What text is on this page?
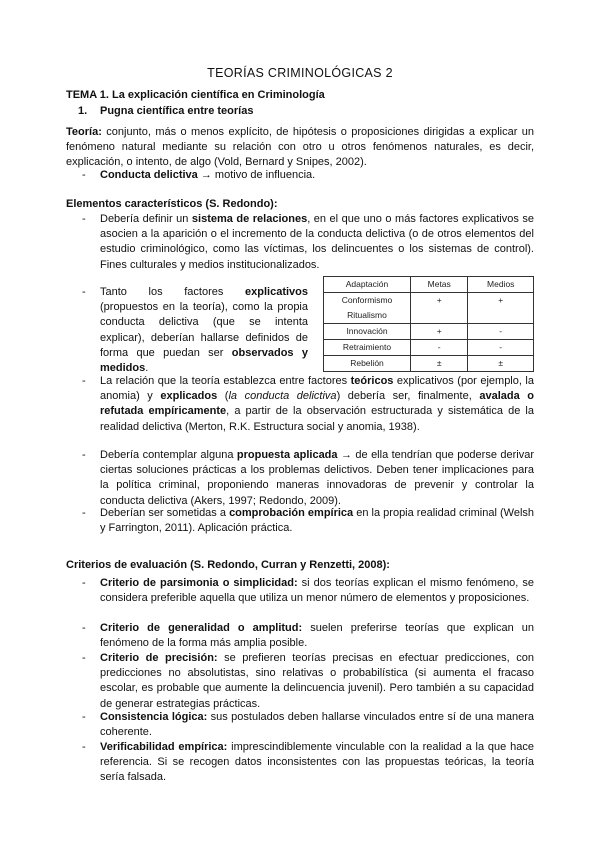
TEORÍAS CRIMINOLÓGICAS 2
TEMA 1. La explicación científica en Criminología
1. Pugna científica entre teorías

Teoría: conjunto, más o menos explícito, de hipótesis o proposiciones dirigidas a explicar un fenómeno natural mediante su relación con otro u otros fenómenos naturales, es decir, explicación, o intento, de algo (Vold, Bernard y Snipes, 2002).

- Conducta delictiva → motivo de influencia.
Elementos característicos (S. Redondo):
- Debería definir un sistema de relaciones, en el que uno o más factores explicativos se asocien a la aparición o el incremento de la conducta delictiva (o de otros elementos del estudio criminológico, como las víctimas, los delincuentes o los sistemas de control). Fines culturales y medios institucionalizados.
- Tanto los factores explicativos (propuestos en la teoría), como la propia conducta delictiva (que se intenta explicar), deberían hallarse definidos de forma que puedan ser observados y medidos.
Adaptación	Metas	Medios
Conformismo	+	+
Ritualismo		
Innovación	+	-
Retraimiento	-	-
Rebelión	±	±
- La relación que la teoría establezca entre factores teóricos explicativos (por ejemplo, la anomia) y explicados (la conducta delictiva) debería ser, finalmente, avalada o refutada empíricamente, a partir de la observación estructurada y sistemática de la realidad delictiva (Merton, R.K. Estructura social y anomia, 1938).
- Debería contemplar alguna propuesta aplicada → de ella tendrían que poderse derivar ciertas soluciones prácticas a los problemas delictivos. Deben tener implicaciones para la política criminal, proponiendo maneras innovadoras de prevenir y controlar la conducta delictiva (Akers, 1997; Redondo, 2009).
- Deberían ser sometidas a comprobación empírica en la propia realidad criminal (Welsh y Farrington, 2011). Aplicación práctica.
Criterios de evaluación (S. Redondo, Curran y Renzetti, 2008):
- Criterio de parsimonia o simplicidad: si dos teorías explican el mismo fenómeno, se considera preferible aquella que utiliza un menor número de elementos y proposiciones.
- Criterio de generalidad o amplitud: suelen preferirse teorías que explican un fenómeno de la forma más amplia posible.
- Criterio de precisión: se prefieren teorías precisas en efectuar predicciones, con predicciones no absolutistas, sino relativas o probabilística (si aumenta el fracaso escolar, es probable que aumente la delincuencia juvenil). Pero también a su capacidad de generar estrategias prácticas.
- Consistencia lógica: sus postulados deben hallarse vinculados entre sí de una manera coherente.
- Verificabilidad empírica: imprescindiblemente vinculable con la realidad a la que hace referencia. Si se recogen datos inconsistentes con las propuestas teóricas, la teoría sería falsada.
